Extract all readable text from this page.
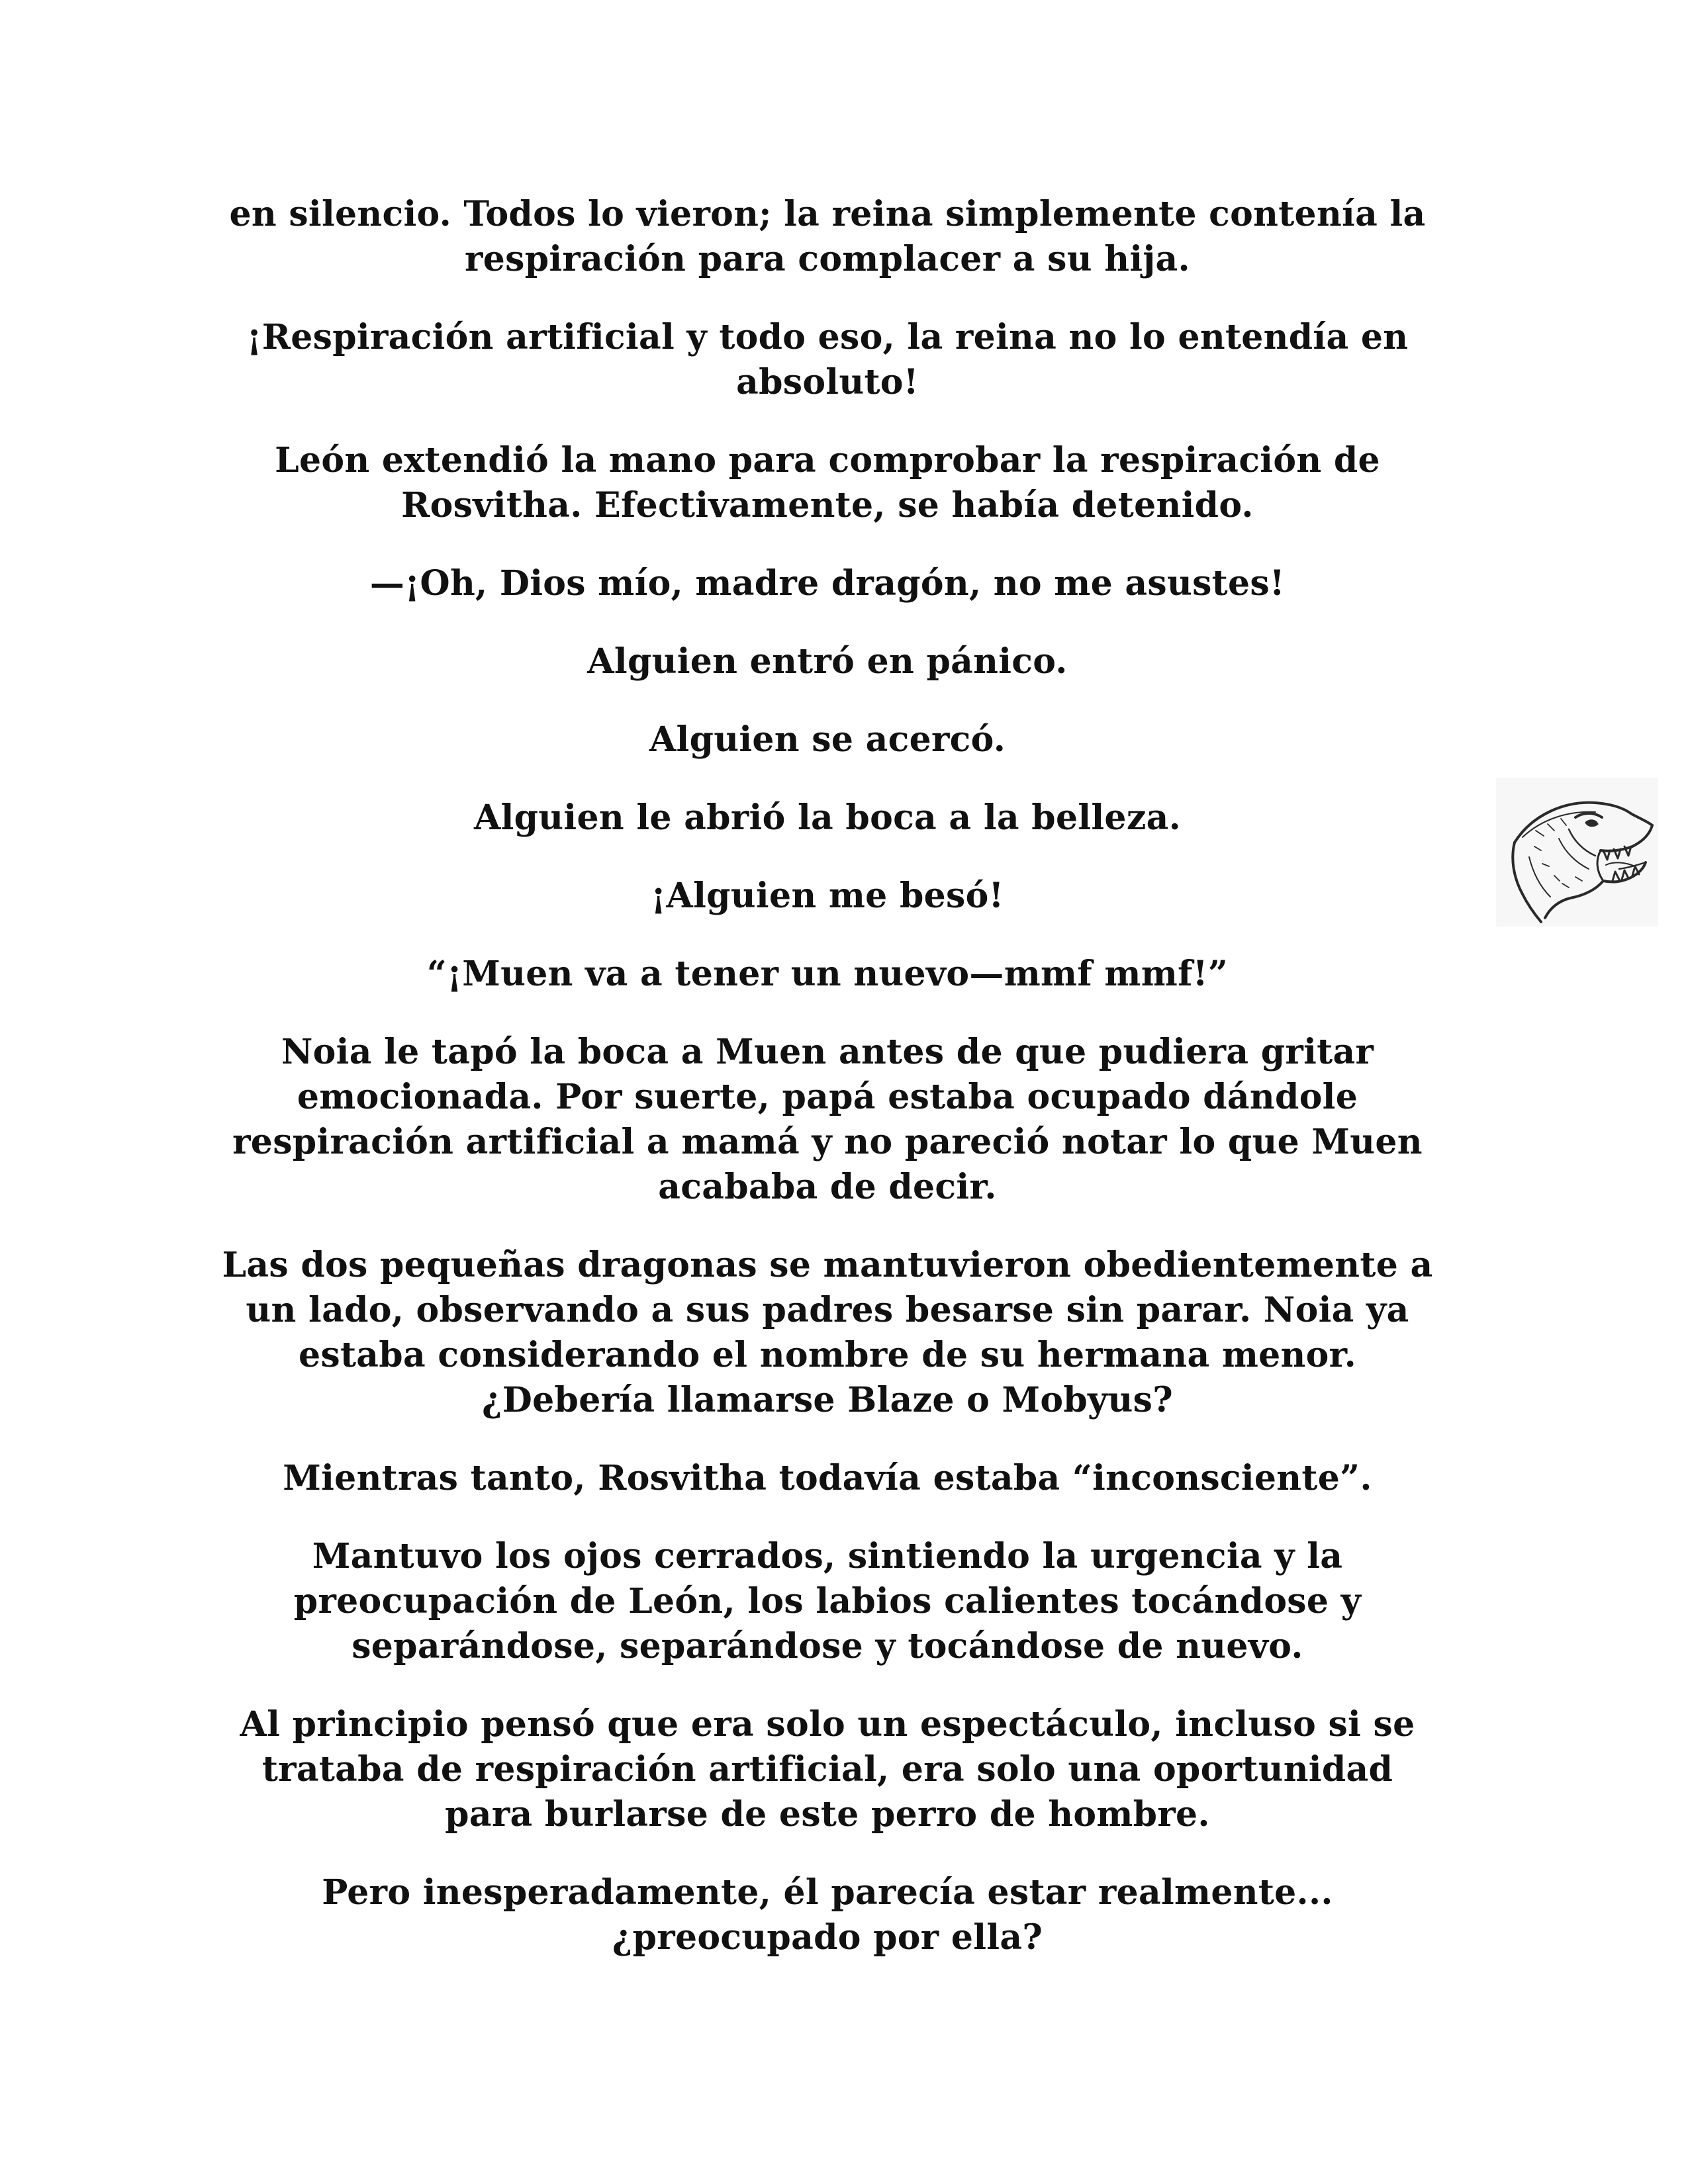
en silencio. Todos lo vieron; la reina simplemente contenía la
respiración para complacer a su hija.
¡Respiración artificial y todo eso, la reina no lo entendía en
absoluto!
León extendió la mano para comprobar la respiración de
Rosvitha. Efectivamente, se había detenido.
—¡Oh, Dios mío, madre dragón, no me asustes!
Alguien entró en pánico.
Alguien se acercó.
Alguien le abrió la boca a la belleza.
¡Alguien me besó!
“¡Muen va a tener un nuevo—mmf mmf!”
Noia le tapó la boca a Muen antes de que pudiera gritar
emocionada. Por suerte, papá estaba ocupado dándole
respiración artificial a mamá y no pareció notar lo que Muen
acababa de decir.
Las dos pequeñas dragonas se mantuvieron obedientemente a
un lado, observando a sus padres besarse sin parar. Noia ya
estaba considerando el nombre de su hermana menor.
¿Debería llamarse Blaze o Mobyus?
Mientras tanto, Rosvitha todavía estaba “inconsciente”.
Mantuvo los ojos cerrados, sintiendo la urgencia y la
preocupación de León, los labios calientes tocándose y
separándose, separándose y tocándose de nuevo.
Al principio pensó que era solo un espectáculo, incluso si se
trataba de respiración artificial, era solo una oportunidad
para burlarse de este perro de hombre.
Pero inesperadamente, él parecía estar realmente...
¿preocupado por ella?
